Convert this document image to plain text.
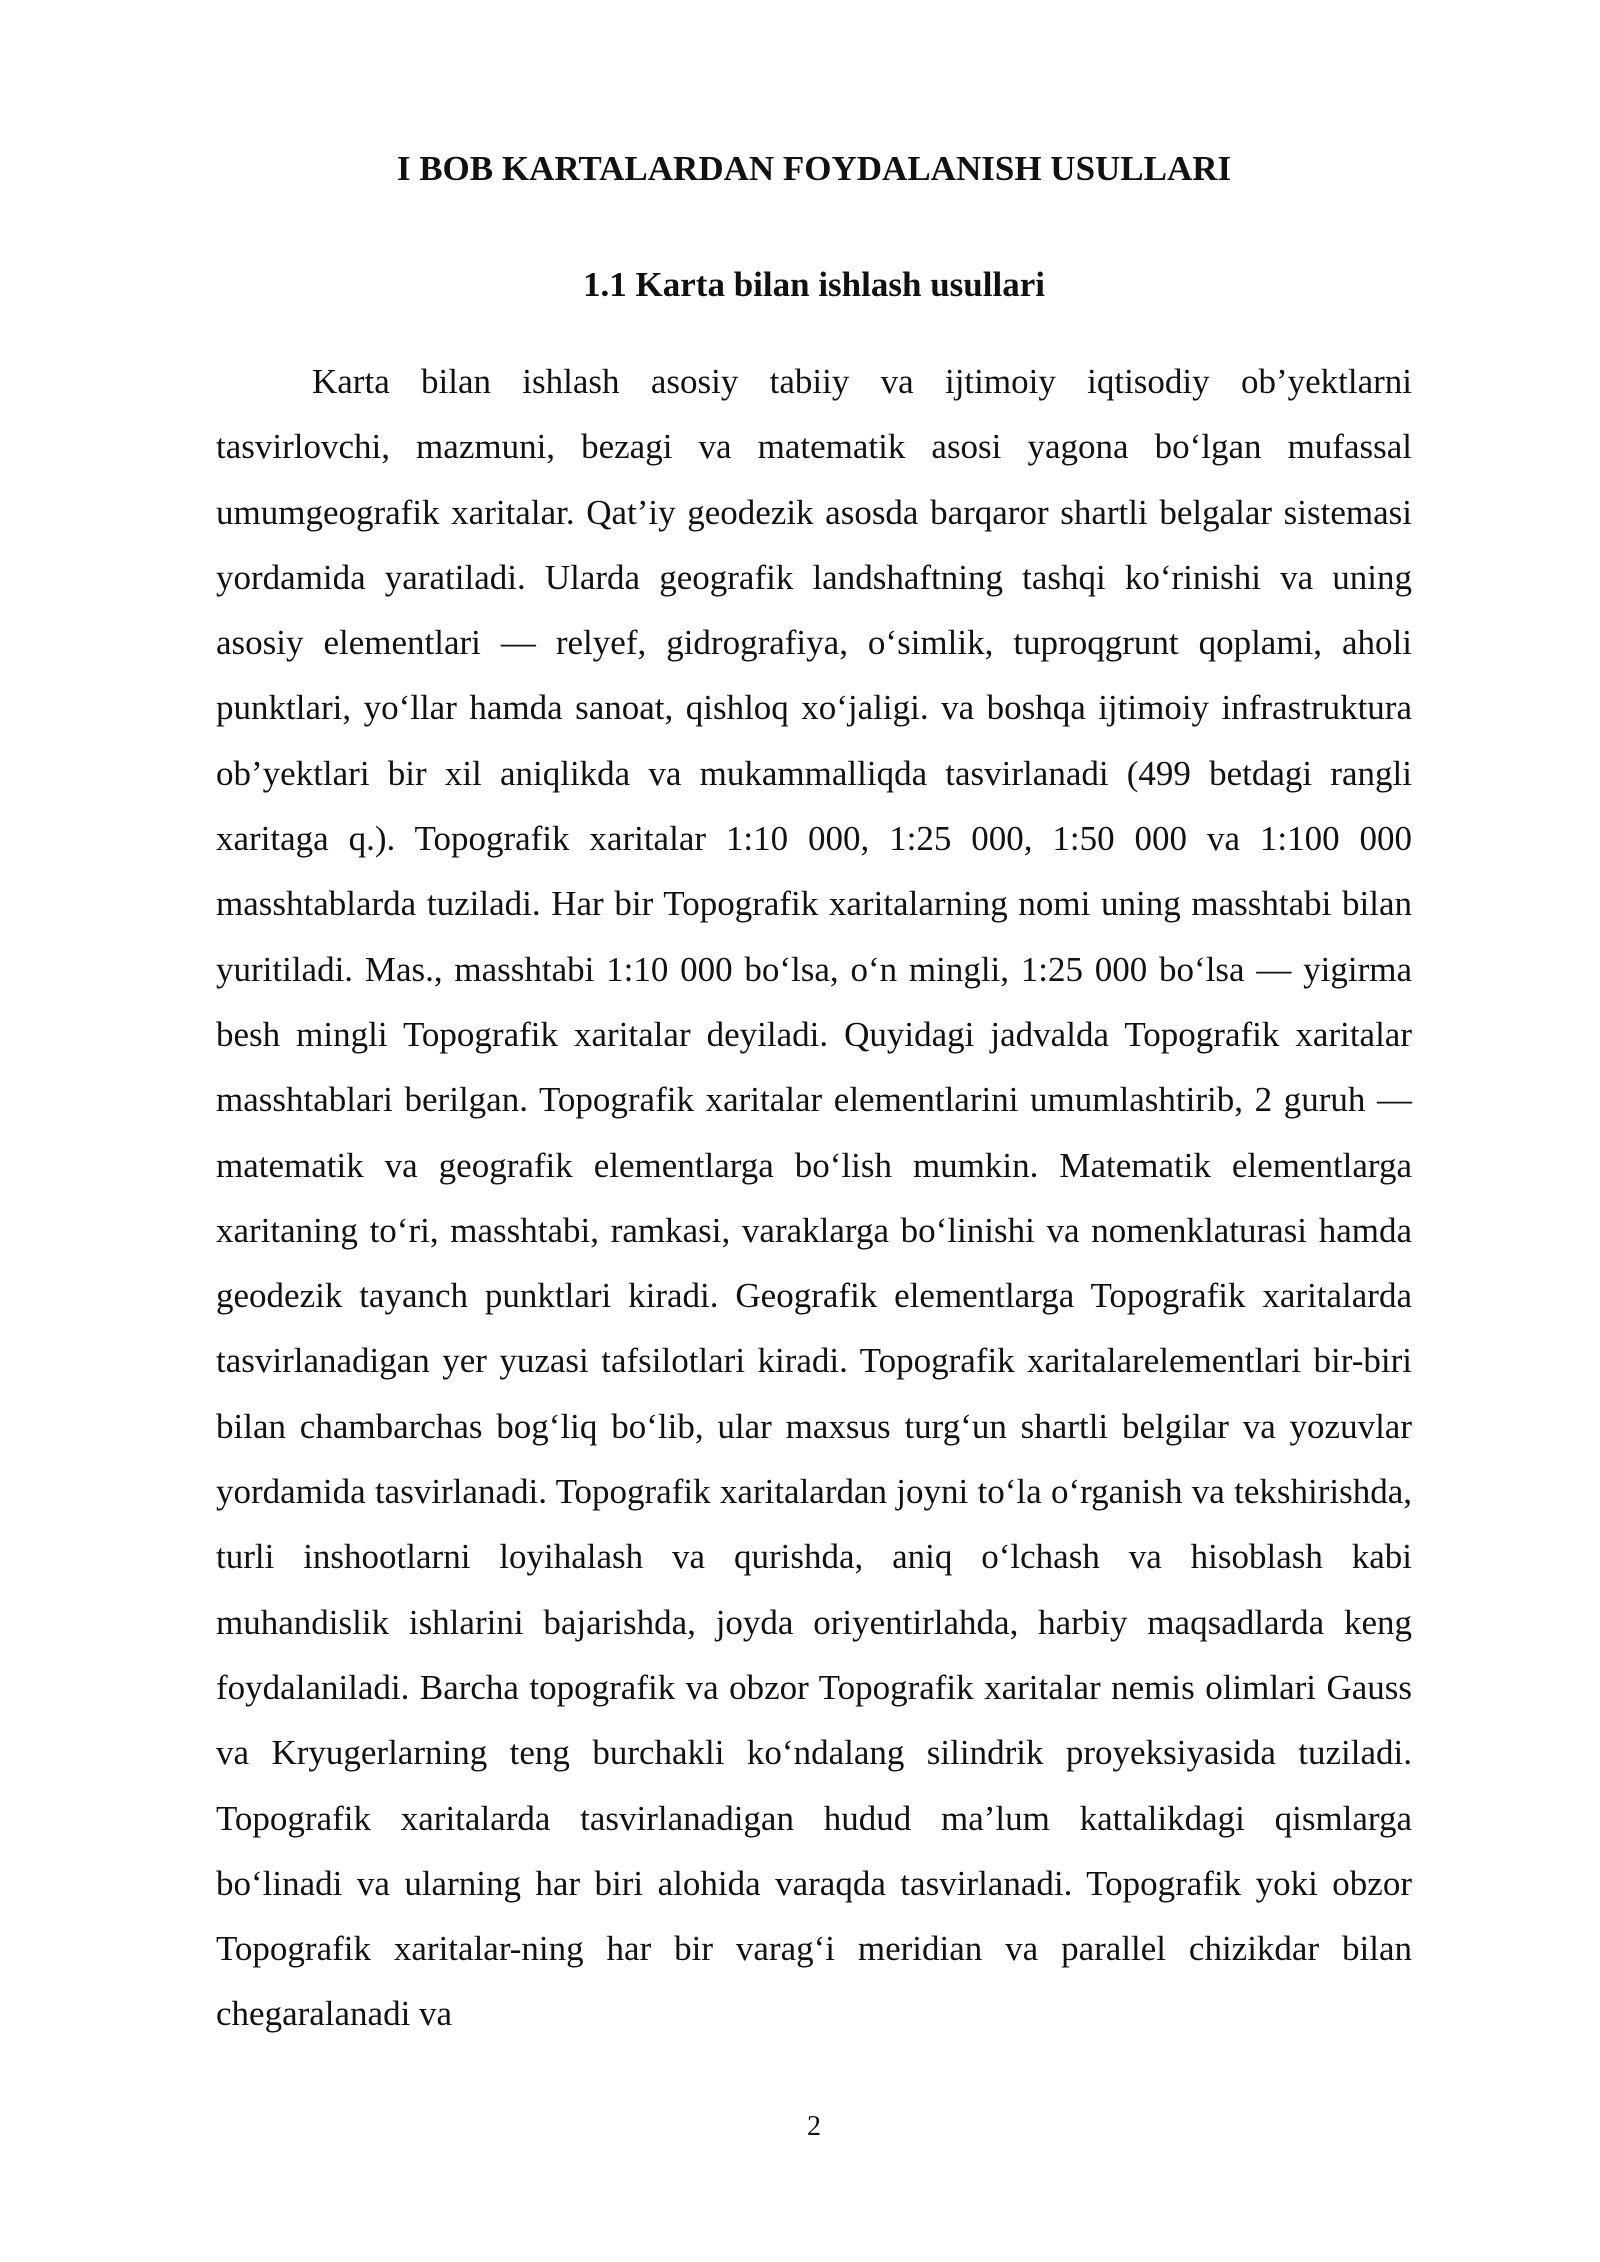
I BOB KARTALARDAN FOYDALANISH USULLARI
1.1 Karta bilan ishlash usullari

Karta bilan ishlash asosiy tabiiy va ijtimoiy iqtisodiy ob’yektlarni tasvirlovchi, mazmuni, bezagi va matematik asosi yagona bo‘lgan mufassal umumgeografik xaritalar. Qat’iy geodezik asosda barqaror shartli belgalar sistemasi yordamida yaratiladi. Ularda geografik landshaftning tashqi ko‘rinishi va uning asosiy elementlari — relyef, gidrografiya, o‘simlik, tuproqgrunt qoplami, aholi punktlari, yo‘llar hamda sanoat, qishloq xo‘jaligi. va boshqa ijtimoiy infrastruktura ob’yektlari bir xil aniqlikda va mukammalliqda tasvirlanadi (499 betdagi rangli xaritaga q.). Topografik xaritalar 1:10 000, 1:25 000, 1:50 000 va 1:100 000 masshtablarda tuziladi. Har bir Topografik xaritalarning nomi uning masshtabi bilan yuritiladi. Mas., masshtabi 1:10 000 bo‘lsa, o‘n mingli, 1:25 000 bo‘lsa — yigirma besh mingli Topografik xaritalar deyiladi. Quyidagi jadvalda Topografik xaritalar masshtablari berilgan. Topografik xaritalar elementlarini umumlashtirib, 2 guruh — matematik va geografik elementlarga bo‘lish mumkin. Matematik elementlarga xaritaning to‘ri, masshtabi, ramkasi, varaklarga bo‘linishi va nomenklaturasi hamda geodezik tayanch punktlari kiradi. Geografik elementlarga Topografik xaritalarda tasvirlanadigan yer yuzasi tafsilotlari kiradi. Topografik xaritalarelementlari bir-biri bilan chambarchas bog‘liq bo‘lib, ular maxsus turg‘un shartli belgilar va yozuvlar yordamida tasvirlanadi. Topografik xaritalardan joyni to‘la o‘rganish va tekshirishda, turli inshootlarni loyihalash va qurishda, aniq o‘lchash va hisoblash kabi muhandislik ishlarini bajarishda, joyda oriyentirlahda, harbiy maqsadlarda keng foydalaniladi. Barcha topografik va obzor Topografik xaritalar nemis olimlari Gauss va Kryugerlarning teng burchakli ko‘ndalang silindrik proyeksiyasida tuziladi. Topografik xaritalarda tasvirlanadigan hudud ma’lum kattalikdagi qismlarga bo‘linadi va ularning har biri alohida varaqda tasvirlanadi. Topografik yoki obzor Topografik xaritalar-ning har bir varag‘i meridian va parallel chizikdar bilan chegaralanadi va

2
